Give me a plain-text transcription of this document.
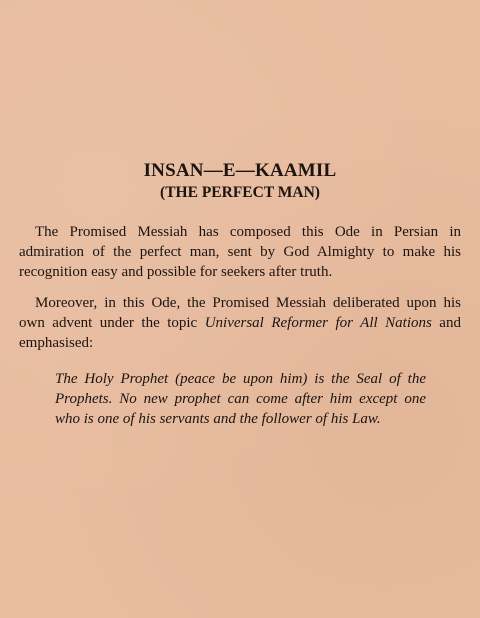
INSAN—E—KAAMIL
(THE PERFECT MAN)

The Promised Messiah has composed this Ode in Persian in admiration of the perfect man, sent by God Almighty to make his recognition easy and possible for seekers after truth.

Moreover, in this Ode, the Promised Messiah deliberated upon his own advent under the topic Universal Reformer for All Nations and emphasised:

The Holy Prophet (peace be upon him) is the Seal of the Prophets. No new prophet can come after him except one who is one of his servants and the follower of his Law.
